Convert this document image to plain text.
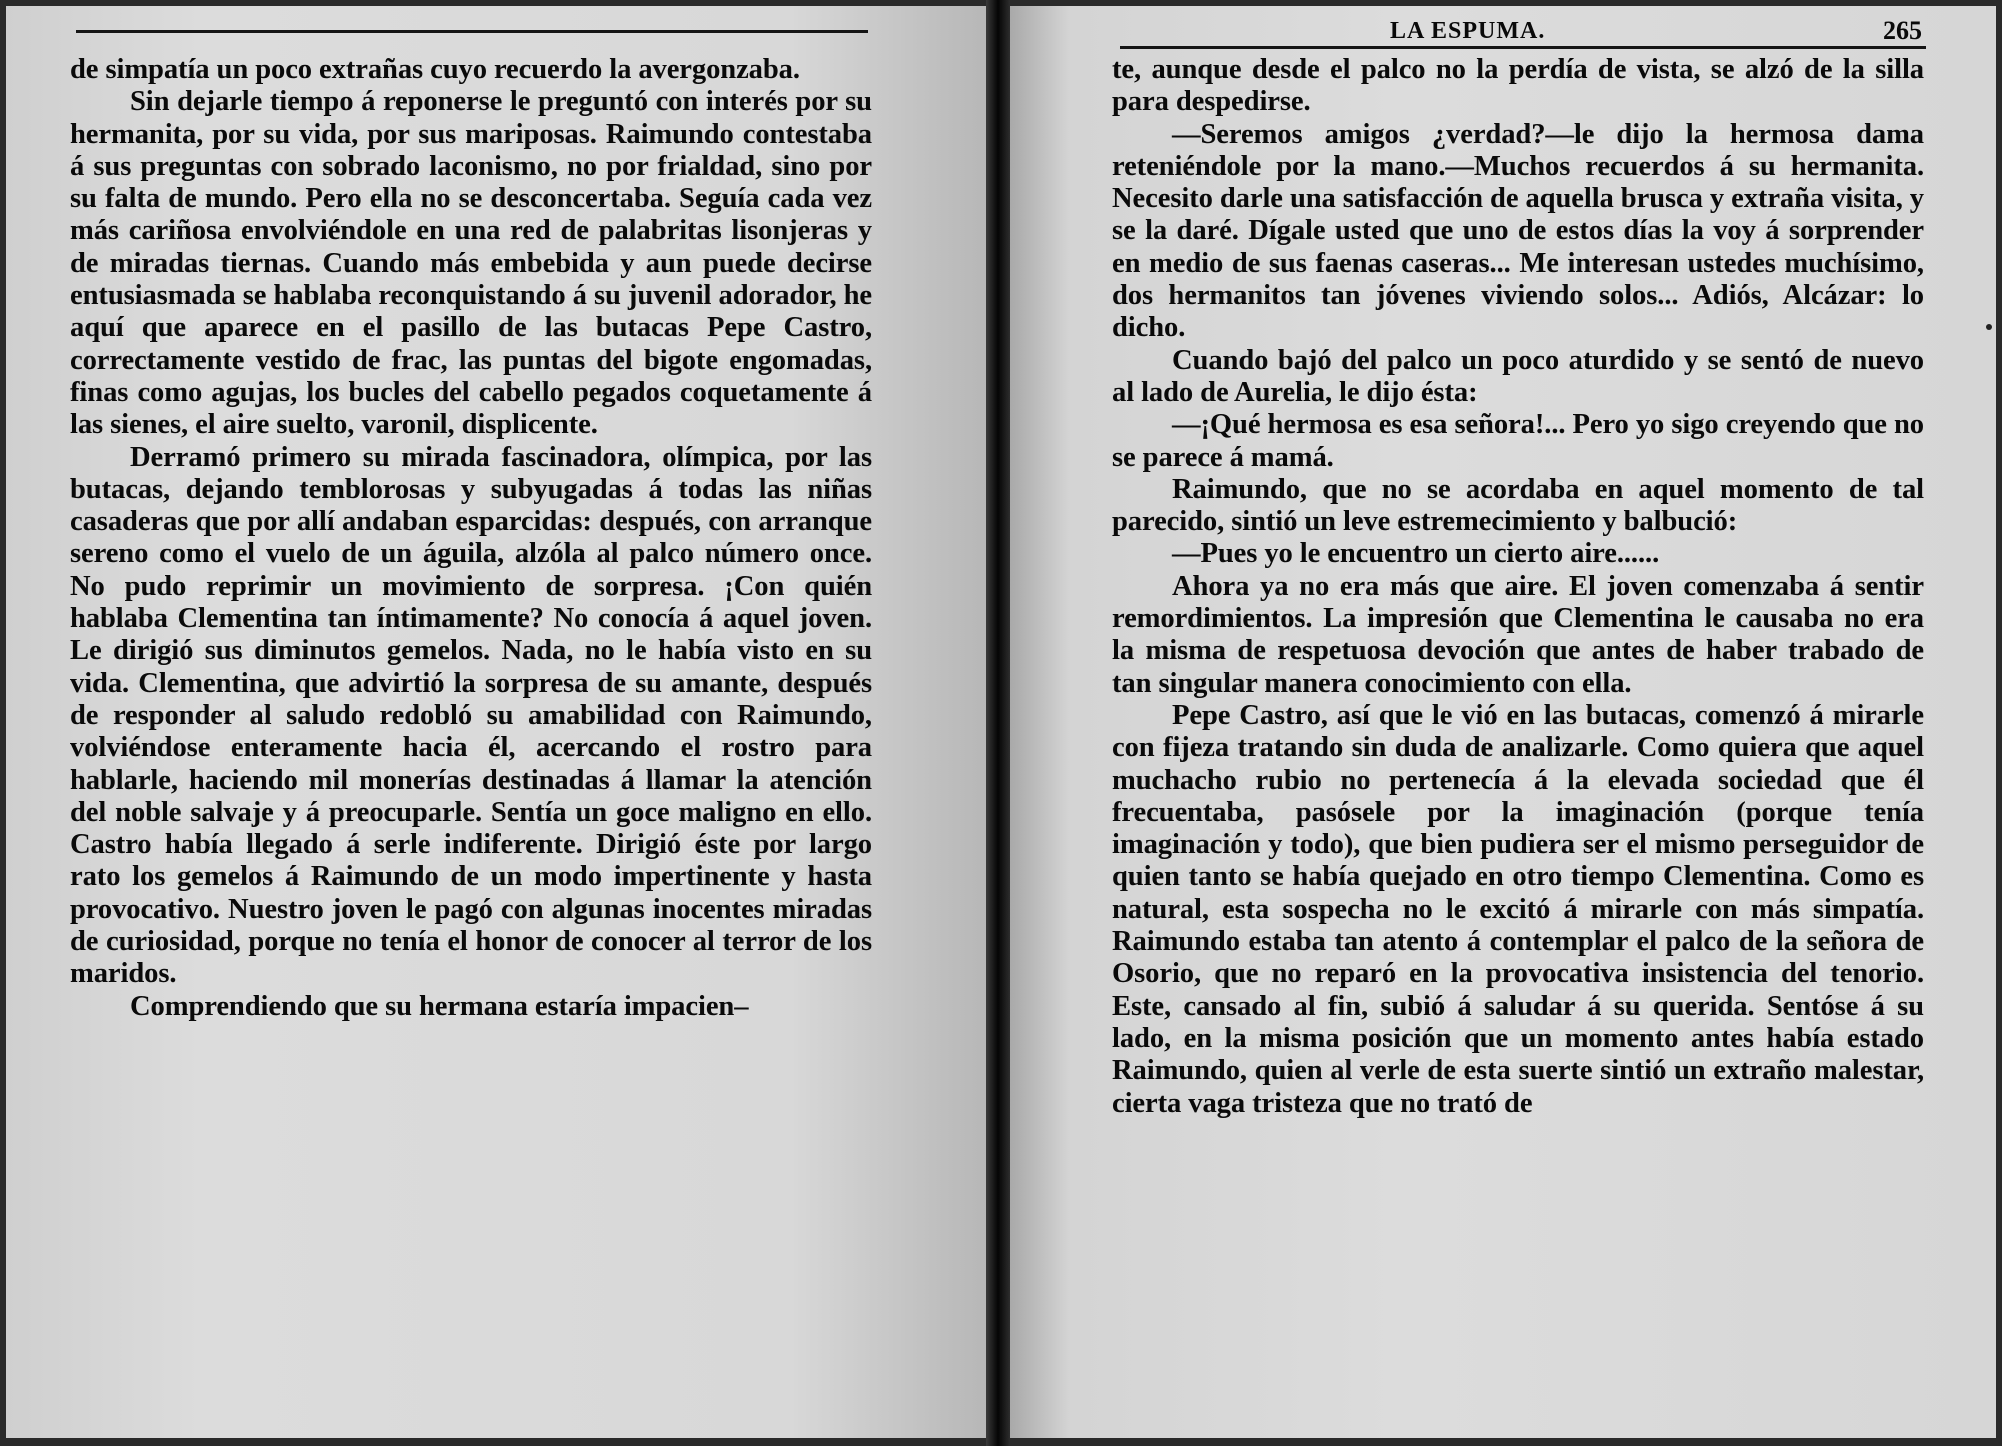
de simpatía un poco extrañas cuyo recuerdo la avergonzaba.

Sin dejarle tiempo á reponerse le preguntó con interés por su hermanita, por su vida, por sus mariposas. Raimundo contestaba á sus preguntas con sobrado laconismo, no por frialdad, sino por su falta de mundo. Pero ella no se desconcertaba. Seguía cada vez más cariñosa envolviéndole en una red de palabritas lisonjeras y de miradas tiernas. Cuando más embebida y aun puede decirse entusiasmada se hablaba reconquistando á su juvenil adorador, he aquí que aparece en el pasillo de las butacas Pepe Castro, correctamente vestido de frac, las puntas del bigote engomadas, finas como agujas, los bucles del cabello pegados coquetamente á las sienes, el aire suelto, varonil, displicente.

Derramó primero su mirada fascinadora, olímpica, por las butacas, dejando temblorosas y subyugadas á todas las niñas casaderas que por allí andaban esparcidas: después, con arranque sereno como el vuelo de un águila, alzóla al palco número once. No pudo reprimir un movimiento de sorpresa. ¡Con quién hablaba Clementina tan íntimamente? No conocía á aquel joven. Le dirigió sus diminutos gemelos. Nada, no le había visto en su vida. Clementina, que advirtió la sorpresa de su amante, después de responder al saludo redobló su amabilidad con Raimundo, volviéndose enteramente hacia él, acercando el rostro para hablarle, haciendo mil monerías destinadas á llamar la atención del noble salvaje y á preocuparle. Sentía un goce maligno en ello. Castro había llegado á serle indiferente. Dirigió éste por largo rato los gemelos á Raimundo de un modo impertinente y hasta provocativo. Nuestro joven le pagó con algunas inocentes miradas de curiosidad, porque no tenía el honor de conocer al terror de los maridos.

Comprendiendo que su hermana estaría impacien–

LA ESPUMA.	265

te, aunque desde el palco no la perdía de vista, se alzó de la silla para despedirse.

—Seremos amigos ¿verdad?—le dijo la hermosa dama reteniéndole por la mano.—Muchos recuerdos á su hermanita. Necesito darle una satisfacción de aquella brusca y extraña visita, y se la daré. Dígale usted que uno de estos días la voy á sorprender en medio de sus faenas caseras... Me interesan ustedes muchísimo, dos hermanitos tan jóvenes viviendo solos... Adiós, Alcázar: lo dicho.

Cuando bajó del palco un poco aturdido y se sentó de nuevo al lado de Aurelia, le dijo ésta:

—¡Qué hermosa es esa señora!... Pero yo sigo creyendo que no se parece á mamá.

Raimundo, que no se acordaba en aquel momento de tal parecido, sintió un leve estremecimiento y balbució:

—Pues yo le encuentro un cierto aire......

Ahora ya no era más que aire. El joven comenzaba á sentir remordimientos. La impresión que Clementina le causaba no era la misma de respetuosa devoción que antes de haber trabado de tan singular manera conocimiento con ella.

Pepe Castro, así que le vió en las butacas, comenzó á mirarle con fijeza tratando sin duda de analizarle. Como quiera que aquel muchacho rubio no pertenecía á la elevada sociedad que él frecuentaba, pasósele por la imaginación (porque tenía imaginación y todo), que bien pudiera ser el mismo perseguidor de quien tanto se había quejado en otro tiempo Clementina. Como es natural, esta sospecha no le excitó á mirarle con más simpatía. Raimundo estaba tan atento á contemplar el palco de la señora de Osorio, que no reparó en la provocativa insistencia del tenorio. Este, cansado al fin, subió á saludar á su querida. Sentóse á su lado, en la misma posición que un momento antes había estado Raimundo, quien al verle de esta suerte sintió un extraño malestar, cierta vaga tristeza que no trató de
